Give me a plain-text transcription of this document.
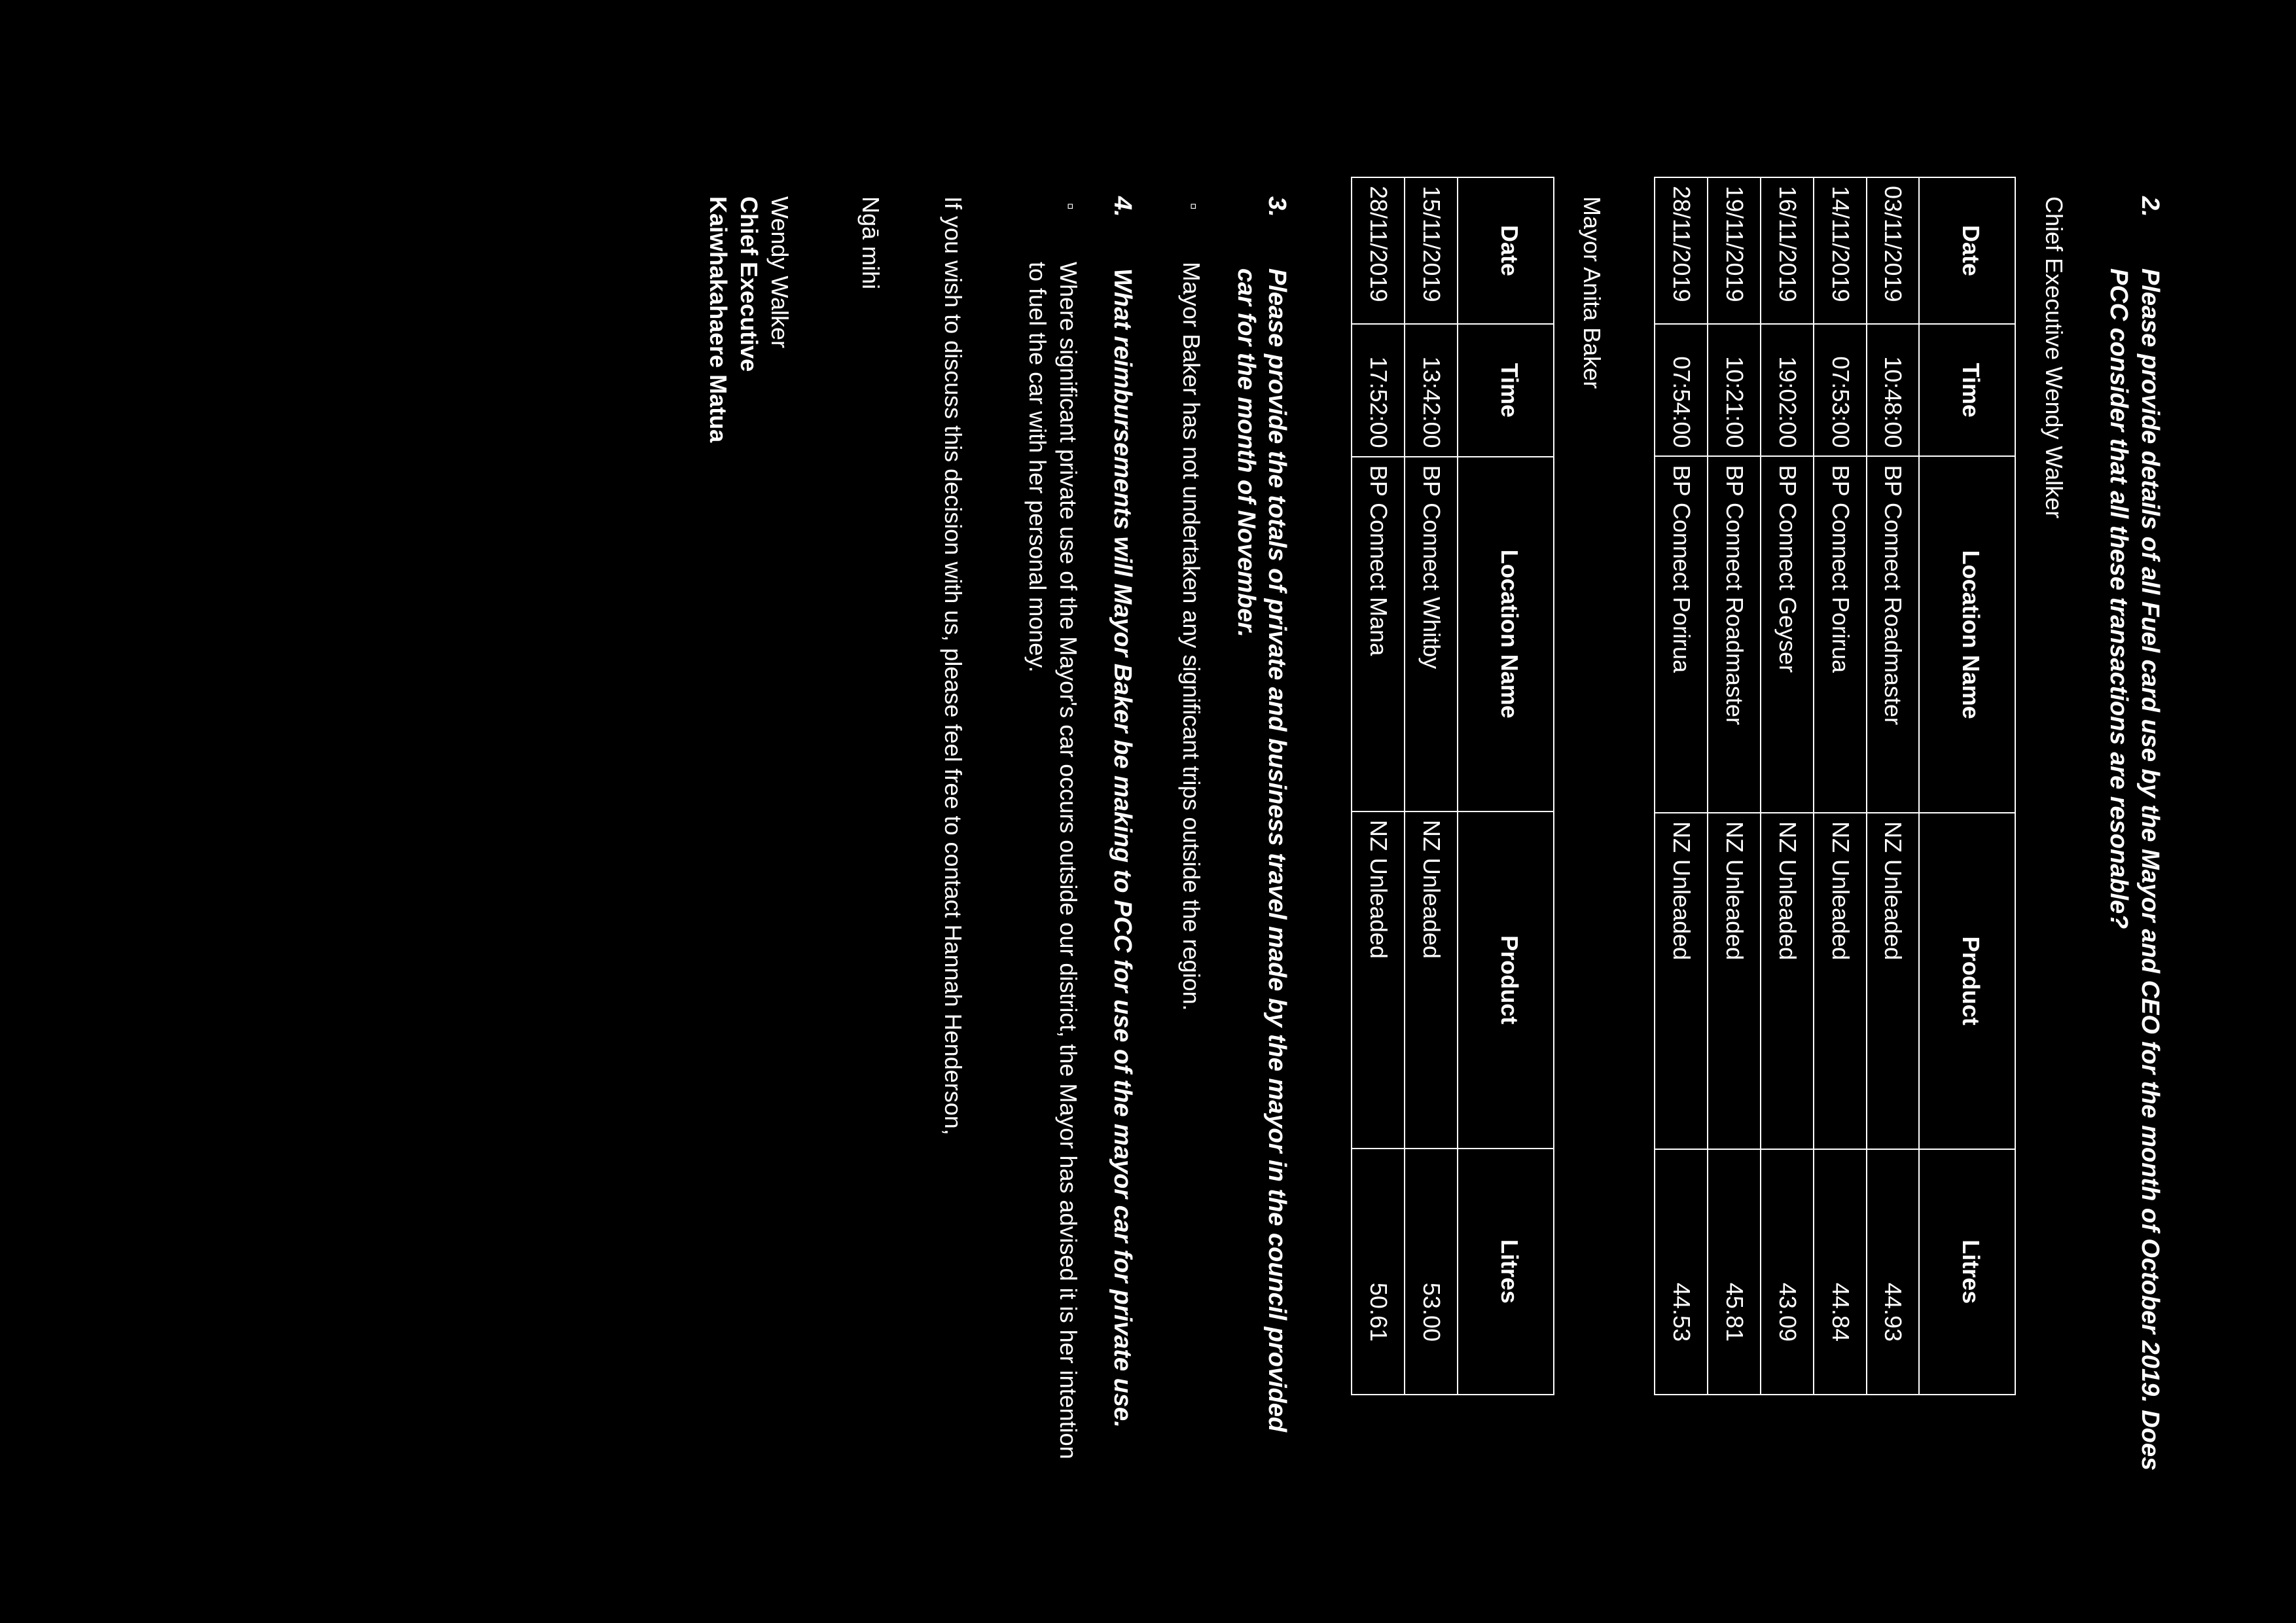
2.
Please provide details of all Fuel card use by the Mayor and CEO for the month of October 2019. Does PCC consider that all these transactions are resonable?
Chief Executive Wendy Walker
Date	Time	Location Name	Product	Litres
03/11/2019	10:48:00	BP Connect Roadmaster	NZ Unleaded	44.93
14/11/2019	07:53:00	BP Connect Porirua	NZ Unleaded	44.84
16/11/2019	19:02:00	BP Connect Geyser	NZ Unleaded	43.09
19/11/2019	10:21:00	BP Connect Roadmaster	NZ Unleaded	45.81
28/11/2019	07:54:00	BP Connect Porirua	NZ Unleaded	44.53
Mayor Anita Baker
Date	Time	Location Name	Product	Litres
15/11/2019	13:42:00	BP Connect Whitby	NZ Unleaded	53.00
28/11/2019	17:52:00	BP Connect Mana	NZ Unleaded	50.61
3.
Please provide the totals of private and business travel made by the mayor in the council provided car for the month of November.
▫
Mayor Baker has not undertaken any significant trips outside the region.
4.
What reimbursements will Mayor Baker be making to PCC for use of the mayor car for private use.
▫
Where significant private use of the Mayor's car occurs outside our district, the Mayor has advised it is her intention to fuel the car with her personal money.
If you wish to discuss this decision with us, please feel free to contact Hannah Henderson,
Ngā mihi
Wendy Walker
Chief Executive
Kaiwhakahaere Matua
